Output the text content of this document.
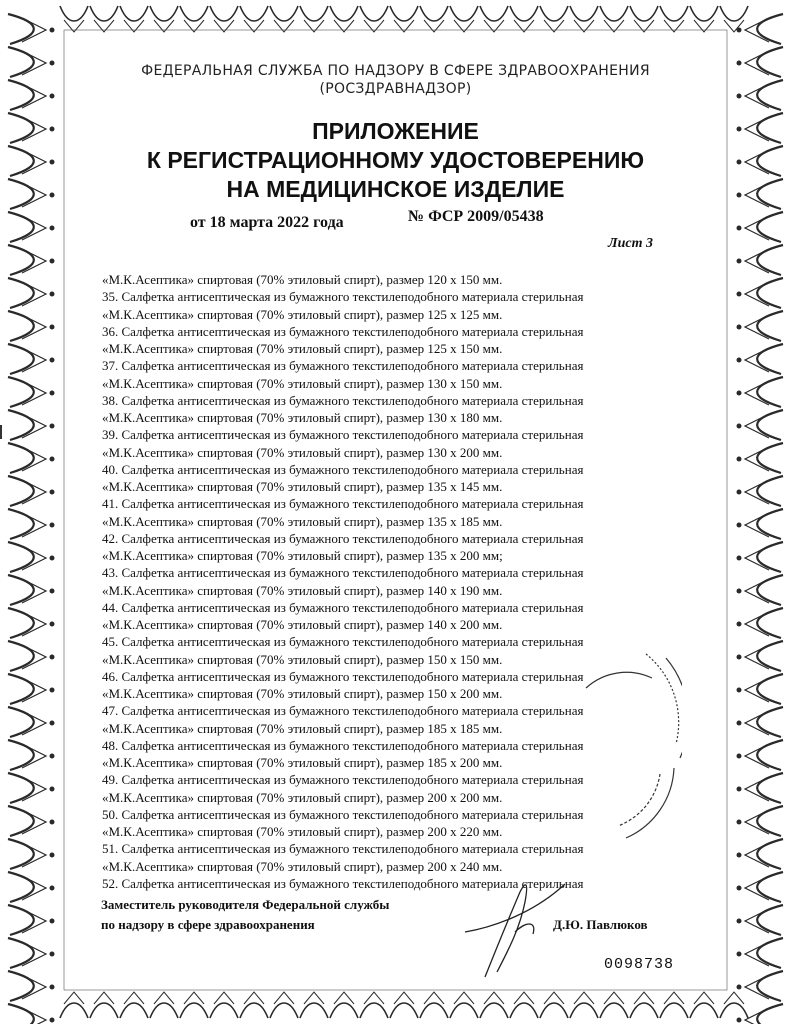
ФЕДЕРАЛЬНАЯ СЛУЖБА ПО НАДЗОРУ В СФЕРЕ ЗДРАВООХРАНЕНИЯ
(РОСЗДРАВНАДЗОР)
ПРИЛОЖЕНИЕ
К РЕГИСТРАЦИОННОМУ УДОСТОВЕРЕНИЮ
НА МЕДИЦИНСКОЕ ИЗДЕЛИЕ
от 18 марта 2022 года	№ ФСР 2009/05438
Лист 3
«М.К.Асептика» спиртовая (70% этиловый спирт), размер 120 х 150 мм.
35. Салфетка антисептическая из бумажного текстилеподобного материала стерильная
«М.К.Асептика» спиртовая (70% этиловый спирт), размер 125 х 125 мм.
36. Салфетка антисептическая из бумажного текстилеподобного материала стерильная
«М.К.Асептика» спиртовая (70% этиловый спирт), размер 125 х 150 мм.
37. Салфетка антисептическая из бумажного текстилеподобного материала стерильная
«М.К.Асептика» спиртовая (70% этиловый спирт), размер 130 х 150 мм.
38. Салфетка антисептическая из бумажного текстилеподобного материала стерильная
«М.К.Асептика» спиртовая (70% этиловый спирт), размер 130 х 180 мм.
39. Салфетка антисептическая из бумажного текстилеподобного материала стерильная
«М.К.Асептика» спиртовая (70% этиловый спирт), размер 130 х 200 мм.
40. Салфетка антисептическая из бумажного текстилеподобного материала стерильная
«М.К.Асептика» спиртовая (70% этиловый спирт), размер 135 х 145 мм.
41. Салфетка антисептическая из бумажного текстилеподобного материала стерильная
«М.К.Асептика» спиртовая (70% этиловый спирт), размер 135 х 185 мм.
42. Салфетка антисептическая из бумажного текстилеподобного материала стерильная
«М.К.Асептика» спиртовая (70% этиловый спирт), размер 135 х 200 мм;
43. Салфетка антисептическая из бумажного текстилеподобного материала стерильная
«М.К.Асептика» спиртовая (70% этиловый спирт), размер 140 х 190 мм.
44. Салфетка антисептическая из бумажного текстилеподобного материала стерильная
«М.К.Асептика» спиртовая (70% этиловый спирт), размер 140 х 200 мм.
45. Салфетка антисептическая из бумажного текстилеподобного материала стерильная
«М.К.Асептика» спиртовая (70% этиловый спирт), размер 150 х 150 мм.
46. Салфетка антисептическая из бумажного текстилеподобного материала стерильная
«М.К.Асептика» спиртовая (70% этиловый спирт), размер 150 х 200 мм.
47. Салфетка антисептическая из бумажного текстилеподобного материала стерильная
«М.К.Асептика» спиртовая (70% этиловый спирт), размер 185 х 185 мм.
48. Салфетка антисептическая из бумажного текстилеподобного материала стерильная
«М.К.Асептика» спиртовая (70% этиловый спирт), размер 185 х 200 мм.
49. Салфетка антисептическая из бумажного текстилеподобного материала стерильная
«М.К.Асептика» спиртовая (70% этиловый спирт), размер 200 х 200 мм.
50. Салфетка антисептическая из бумажного текстилеподобного материала стерильная
«М.К.Асептика» спиртовая (70% этиловый спирт), размер 200 х 220 мм.
51. Салфетка антисептическая из бумажного текстилеподобного материала стерильная
«М.К.Асептика» спиртовая (70% этиловый спирт), размер 200 х 240 мм.
52. Салфетка антисептическая из бумажного текстилеподобного материала стерильная
Заместитель руководителя Федеральной службы
по надзору в сфере здравоохранения	Д.Ю. Павлюков
0098738
